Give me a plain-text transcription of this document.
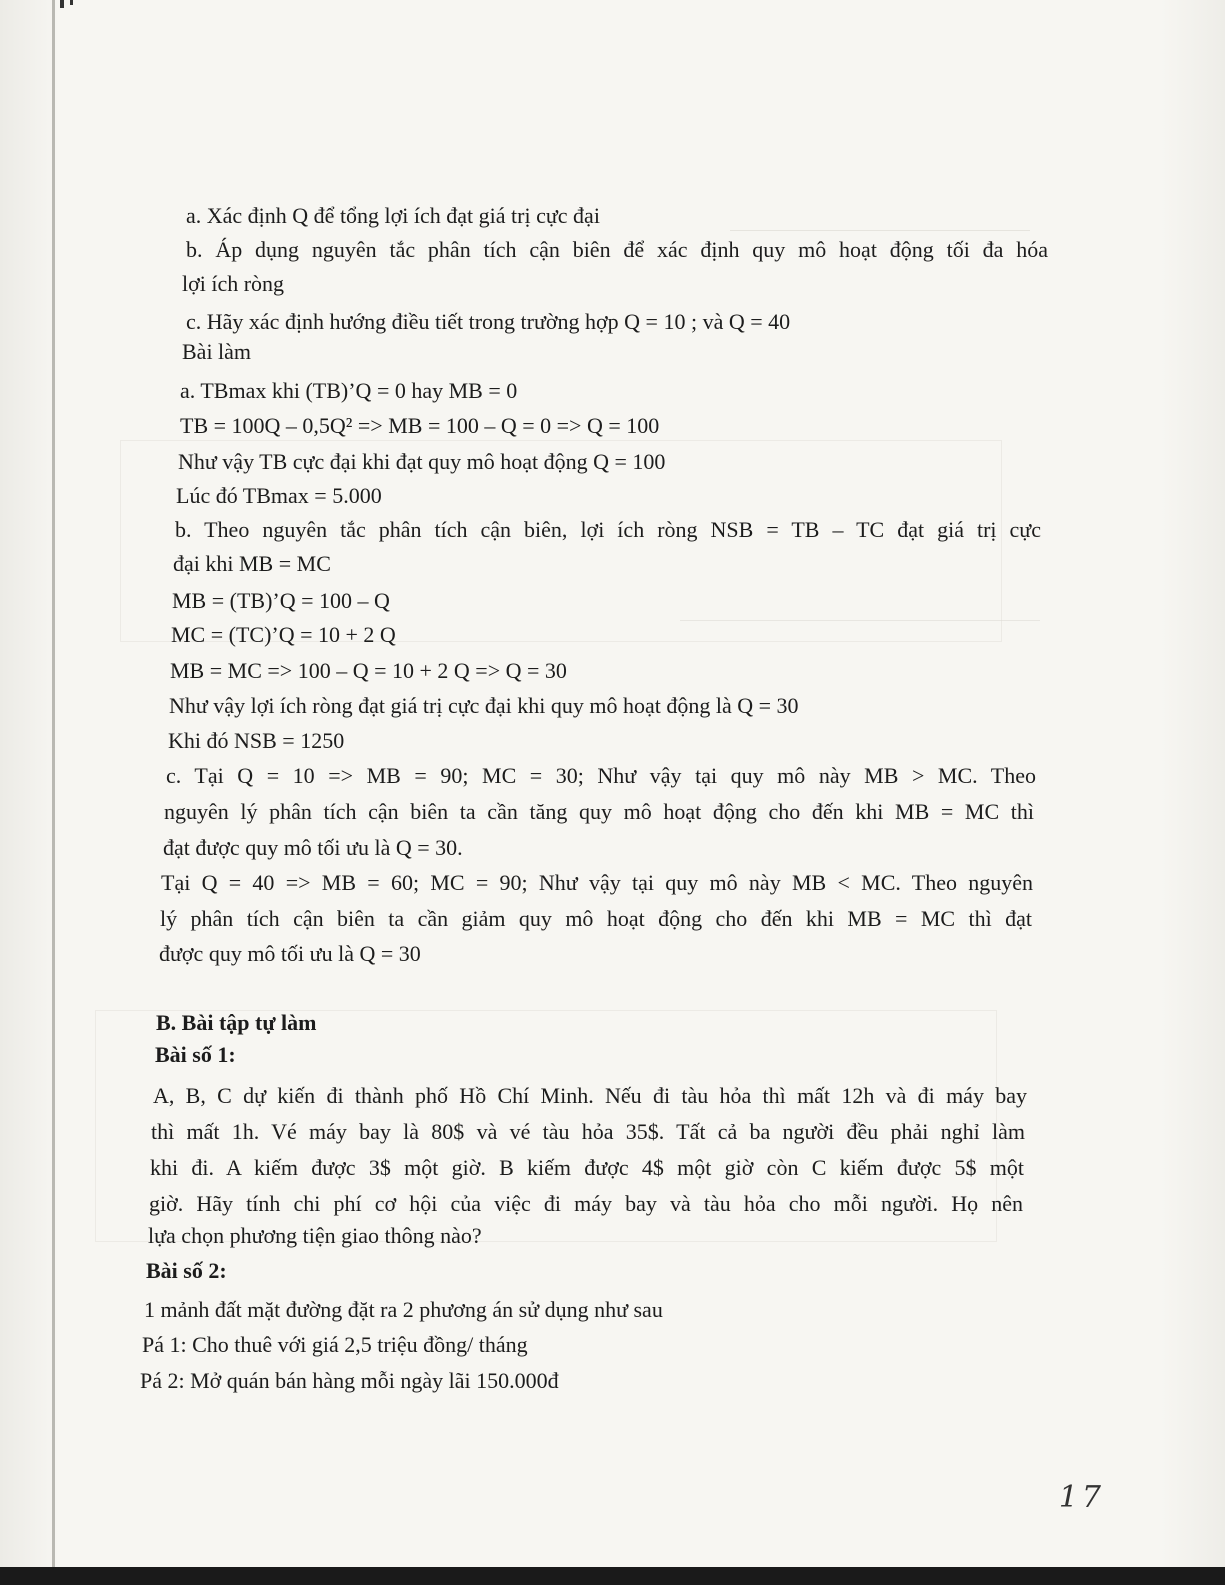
a. Xác định Q để tổng lợi ích đạt giá trị cực đại
b. Áp dụng nguyên tắc phân tích cận biên để xác định quy mô hoạt động tối đa hóa
lợi ích ròng
c. Hãy xác định hướng điều tiết trong trường hợp Q = 10 ; và Q = 40
Bài làm
a. TBmax khi (TB)’Q = 0 hay MB = 0
TB = 100Q – 0,5Q² => MB = 100 – Q = 0 => Q = 100
Như vậy TB cực đại khi đạt quy mô hoạt động Q = 100
Lúc đó TBmax = 5.000
b. Theo nguyên tắc phân tích cận biên, lợi ích ròng NSB = TB – TC đạt giá trị cực
đại khi MB = MC
MB = (TB)’Q = 100 – Q
MC = (TC)’Q = 10 + 2 Q
MB = MC => 100 – Q = 10 + 2 Q => Q = 30
Như vậy lợi ích ròng đạt giá trị cực đại khi quy mô hoạt động là Q = 30
Khi đó NSB = 1250
c. Tại Q = 10 => MB = 90; MC = 30; Như vậy tại quy mô này MB > MC. Theo
nguyên lý phân tích cận biên ta cần tăng quy mô hoạt động cho đến khi MB = MC thì
đạt được quy mô tối ưu là Q = 30.
Tại Q = 40 => MB = 60; MC = 90; Như vậy tại quy mô này MB < MC. Theo nguyên
lý phân tích cận biên ta cần giảm quy mô hoạt động cho đến khi MB = MC thì đạt
được quy mô tối ưu là Q = 30
B. Bài tập tự làm
Bài số 1:
A, B, C dự kiến đi thành phố Hồ Chí Minh. Nếu đi tàu hỏa thì mất 12h và đi máy bay
thì mất 1h. Vé máy bay là 80$ và vé tàu hỏa 35$. Tất cả ba người đều phải nghỉ làm
khi đi. A kiếm được 3$ một giờ. B kiếm được 4$ một giờ còn C kiếm được 5$ một
giờ. Hãy tính chi phí cơ hội của việc đi máy bay và tàu hỏa cho mỗi người. Họ nên
lựa chọn phương tiện giao thông nào?
Bài số 2:
1 mảnh đất mặt đường đặt ra 2 phương án sử dụng như sau
Pá 1: Cho thuê với giá 2,5 triệu đồng/ tháng
Pá 2: Mở quán bán hàng mỗi ngày lãi 150.000đ
17
